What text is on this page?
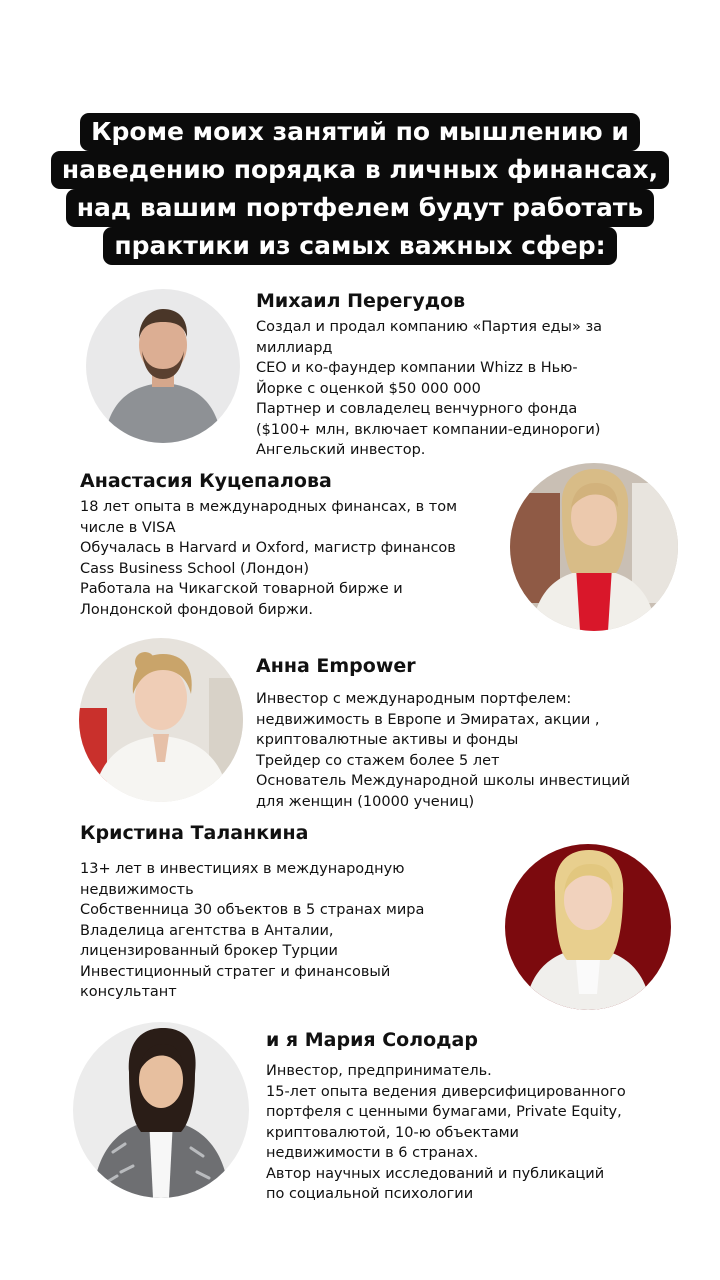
Кроме моих занятий по мышлению и
наведению порядка в личных финансах,
над вашим портфелем будут работать
практики из самых важных сфер:
Михаил Перегудов
Создал и продал компанию «Партия еды» за
миллиард
CEO и ко-фаундер компании Whizz в Нью-
Йорке с оценкой $50 000 000
Партнер и совладелец венчурного фонда
($100+ млн, включает компании-единороги)
Ангельский инвестор.
Анастасия Куцепалова
18 лет опыта в международных финансах, в том
числе в VISA
Обучалась в Harvard и Oxford, магистр финансов
Cass Business School (Лондон)
Работала на Чикагской товарной бирже и
Лондонской фондовой биржи.
Анна Empower
Инвестор с международным портфелем:
недвижимость в Европе и Эмиратах, акции ,
криптовалютные активы и фонды
Трейдер со стажем более 5 лет
Основатель Международной школы инвестиций
для женщин (10000 учениц)
Кристина Таланкина
13+ лет в инвестициях в международную
недвижимость
Собственница 30 объектов в 5 странах мира
Владелица агентства в Анталии,
лицензированный брокер Турции
Инвестиционный стратег и финансовый
консультант
и я Мария Солодар
Инвестор, предприниматель.
15-лет опыта ведения диверсифицированного
портфеля с ценными бумагами, Private Equity,
криптовалютой, 10-ю объектами
недвижимости в 6 странах.
Автор научных исследований и публикаций
по социальной психологии
